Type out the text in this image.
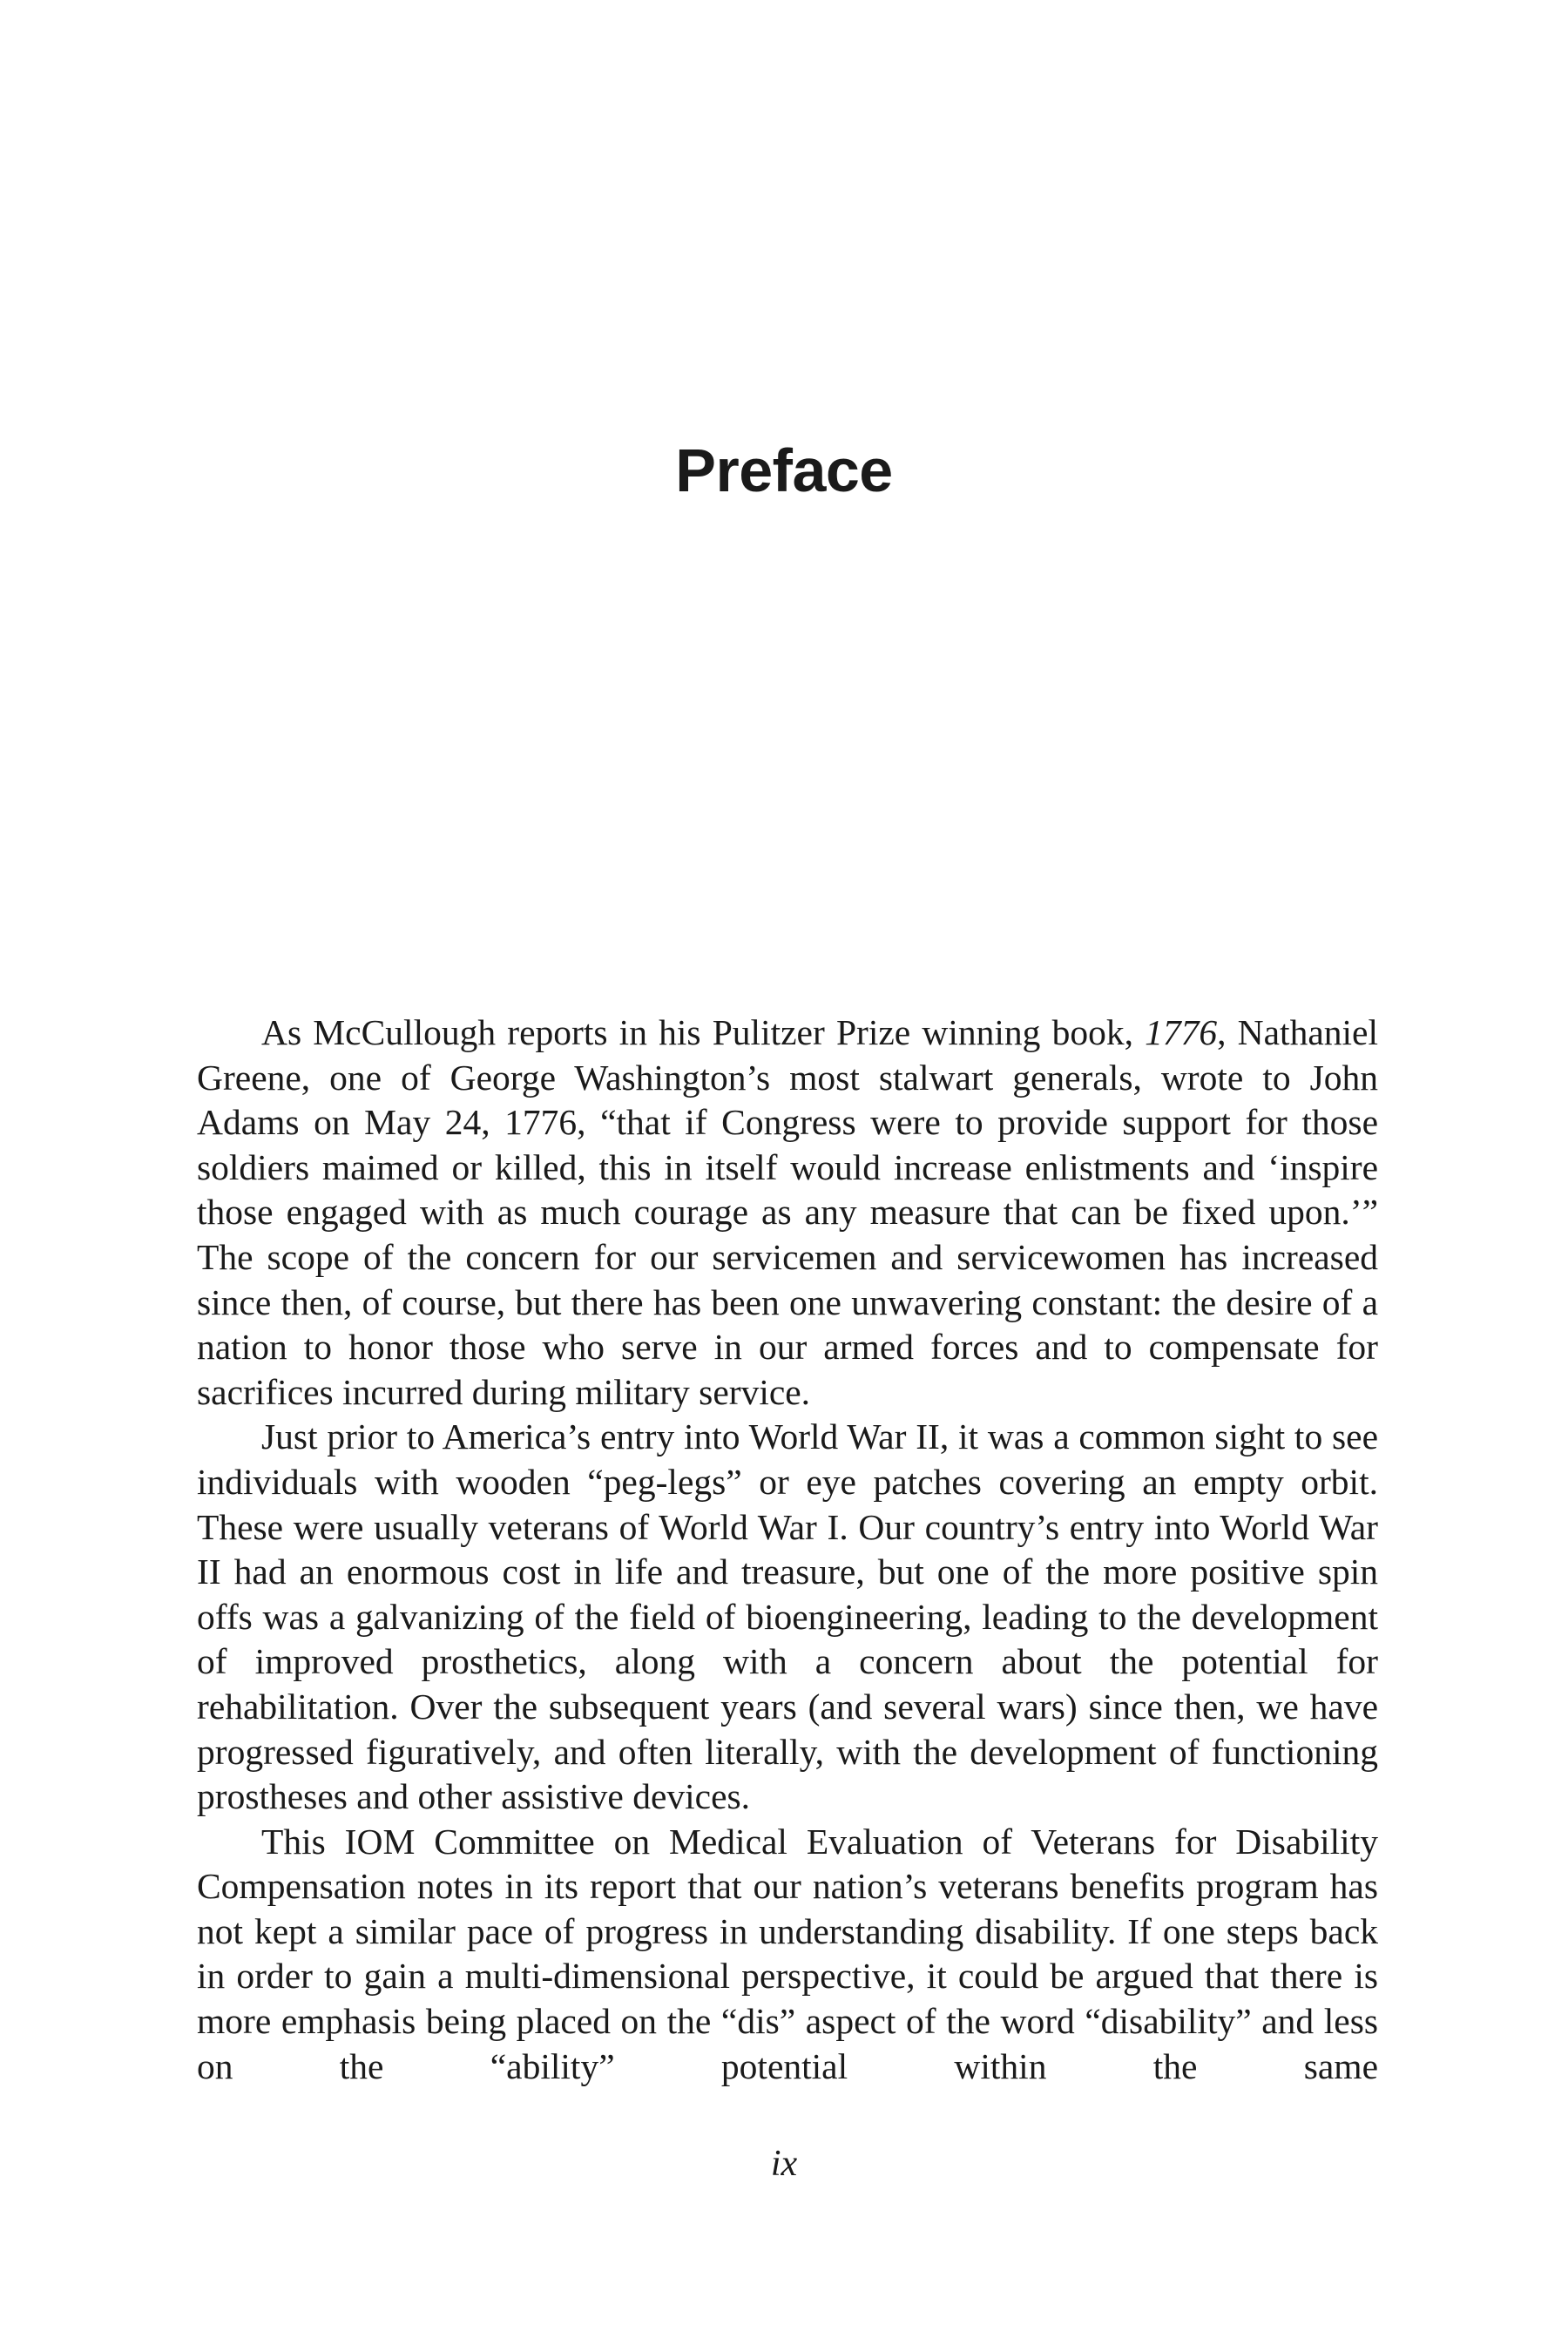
Preface

As McCullough reports in his Pulitzer Prize winning book, 1776, Nathaniel Greene, one of George Washington’s most stalwart generals, wrote to John Adams on May 24, 1776, “that if Congress were to provide support for those soldiers maimed or killed, this in itself would increase enlistments and ‘inspire those engaged with as much courage as any measure that can be fixed upon.’” The scope of the concern for our servicemen and servicewomen has increased since then, of course, but there has been one unwavering constant: the desire of a nation to honor those who serve in our armed forces and to compensate for sacrifices incurred during military service.

Just prior to America’s entry into World War II, it was a common sight to see individuals with wooden “peg-legs” or eye patches covering an empty orbit. These were usually veterans of World War I. Our country’s entry into World War II had an enormous cost in life and treasure, but one of the more positive spin offs was a galvanizing of the field of bioengineering, leading to the development of improved prosthetics, along with a concern about the potential for rehabilitation. Over the subsequent years (and several wars) since then, we have progressed figuratively, and often literally, with the development of functioning prostheses and other assistive devices.

This IOM Committee on Medical Evaluation of Veterans for Disability Compensation notes in its report that our nation’s veterans benefits program has not kept a similar pace of progress in understanding disability. If one steps back in order to gain a multi-dimensional perspective, it could be argued that there is more emphasis being placed on the “dis” aspect of the word “disability” and less on the “ability” potential within the same

ix
